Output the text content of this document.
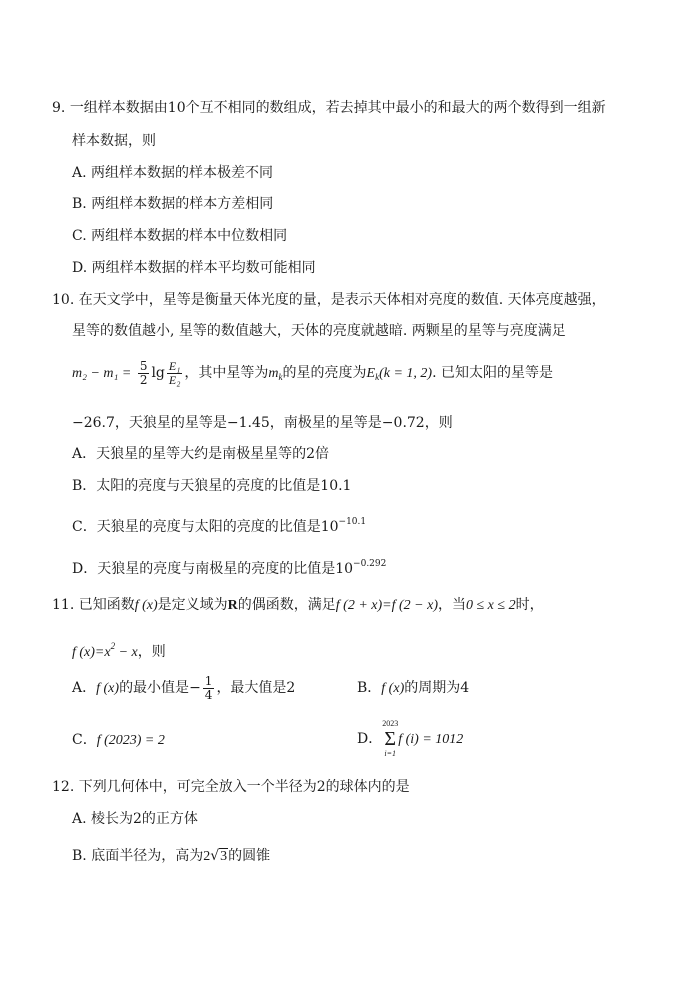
9. 一组样本数据由10个互不相同的数组成，若去掉其中最小的和最大的两个数得到一组新
样本数据，则
A. 两组样本数据的样本极差不同
B. 两组样本数据的样本方差相同
C. 两组样本数据的样本中位数相同
D. 两组样本数据的样本平均数可能相同
10. 在天文学中，星等是衡量天体光度的量，是表示天体相对亮度的数值. 天体亮度越强，
星等的数值越小, 星等的数值越大，天体的亮度就越暗. 两颗星的星等与亮度满足
$m_2 - m_1 = \frac{5}{2}$ $\lg \frac{\text{E₁}}{\text{E₂}}$ ，其中星等为$m_k$的星的亮度为$E_k(k = 1$, 2). 已知太阳的星等是
−26.7，天狼星的星等是−1.45，南极星的星等是−0.72，则
A．天狼星的星等大约是南极星星等的2倍
B．太阳的亮度与天狼星的亮度的比值是10.1
C．天狼星的亮度与太阳的亮度的比值是$10^{-10.1}$
D．天狼星的亮度与南极星的亮度的比值是$10^{-0.292}$
11. 已知函数f (x)是定义域为R的偶函数，满足f (2 + x)=f (2 − x)，当0 ≤ x ≤ 2时，
f $(x)=x^2 - x$，则
A．f (x)的最小值是− $\frac{1}{4}$ ，最大值是2	B．f (x)的周期为4
C．f (2023) = 2	D．
2023
Σ
i=1
f (i) = 1012
12. 下列几何体中，可完全放入一个半径为2的球体内的是
A. 棱长为2的正方体
B. 底面半径为，高为2√3的圆锥
